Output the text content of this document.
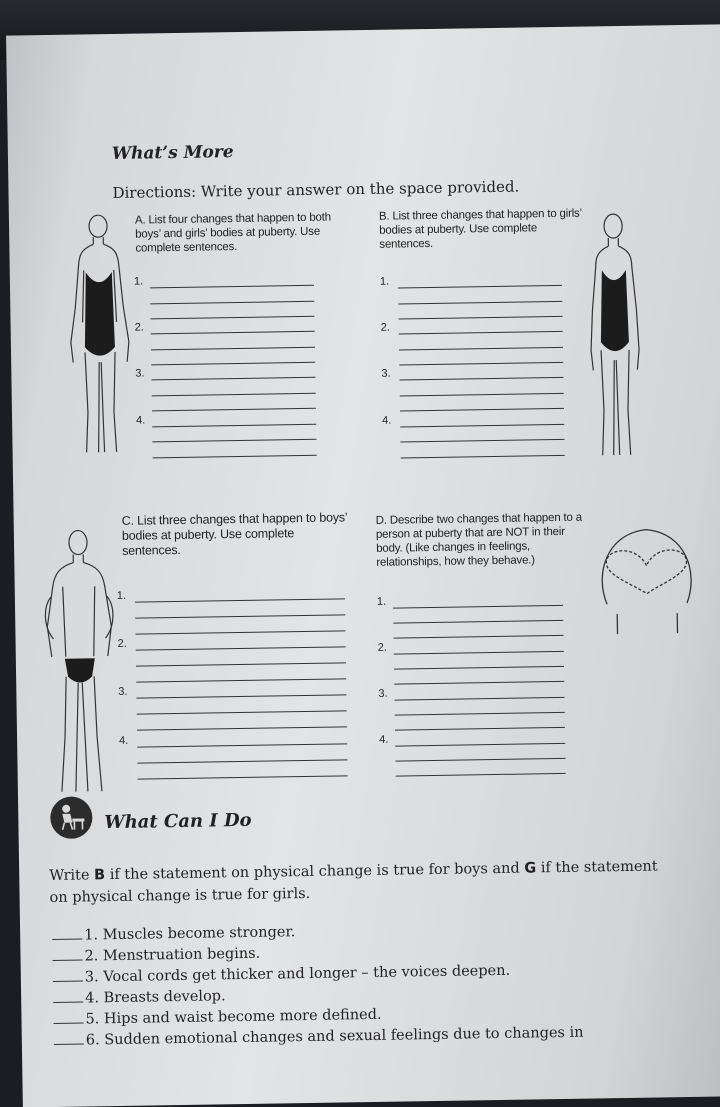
What’s More
Directions: Write your answer on the space provided.
A. List four changes that happen to both
boys’ and girls’ bodies at puberty. Use
complete sentences.
1.
2.
3.
4.
B. List three changes that happen to girls’
bodies at puberty. Use complete
sentences.
1.
2.
3.
4.
C. List three changes that happen to boys’
bodies at puberty. Use complete
sentences.
1.
2.
3.
4.
D. Describe two changes that happen to a
person at puberty that are NOT in their
body. (Like changes in feelings,
relationships, how they behave.)
1.
2.
3.
4.
What Can I Do
Write B if the statement on physical change is true for boys and G if the statement on physical change is true for girls.
1. Muscles become stronger.
2. Menstruation begins.
3. Vocal cords get thicker and longer – the voices deepen.
4. Breasts develop.
5. Hips and waist become more defined.
6. Sudden emotional changes and sexual feelings due to changes in
